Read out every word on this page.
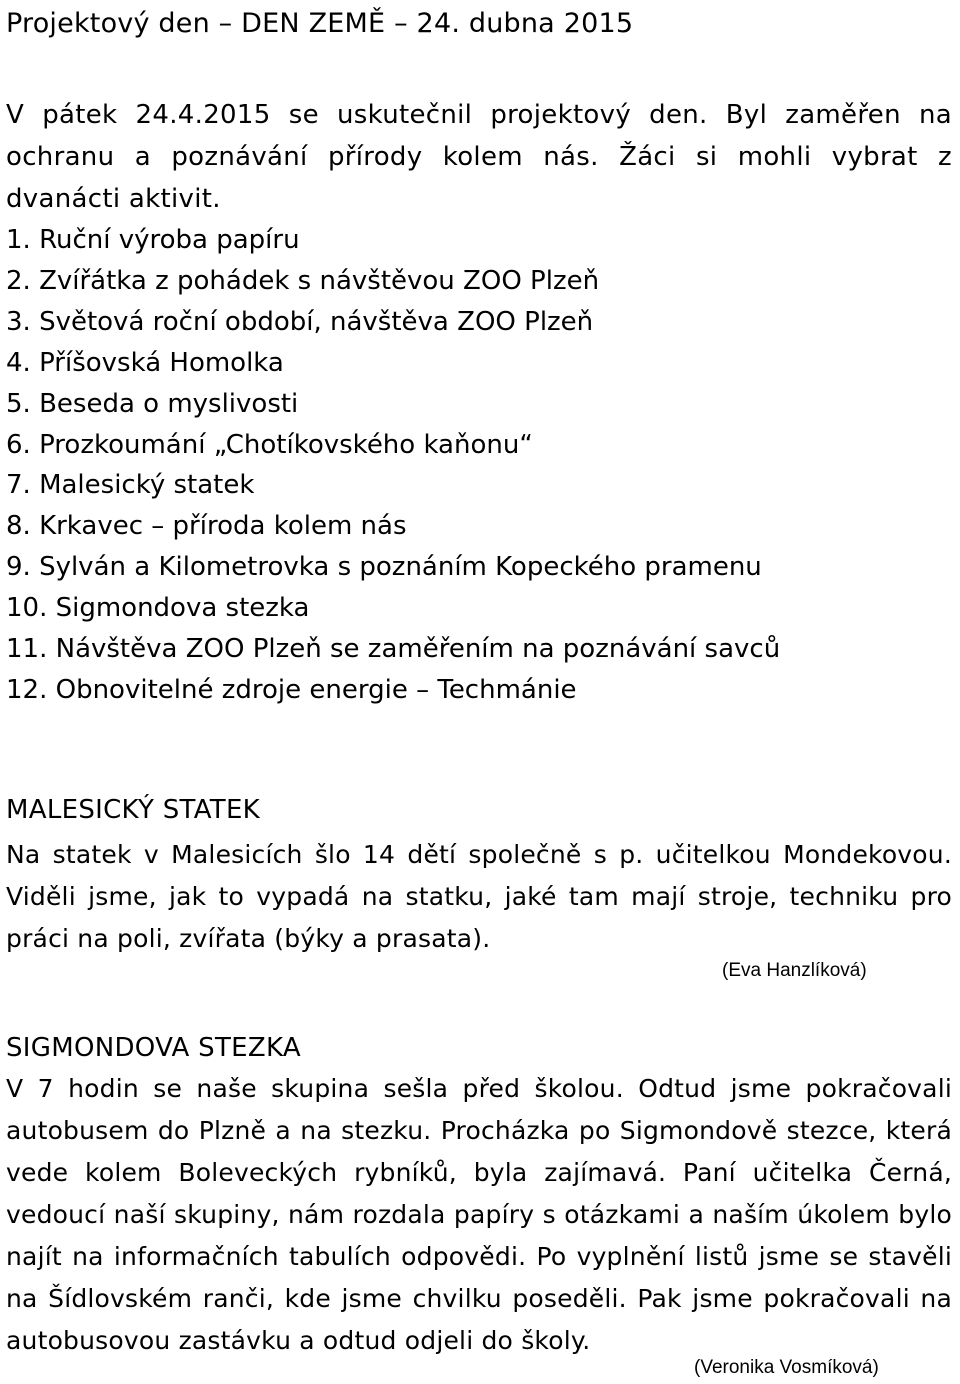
Projektový den – DEN ZEMĚ – 24. dubna 2015

V pátek 24.4.2015 se uskutečnil projektový den. Byl zaměřen na ochranu a poznávání přírody kolem nás. Žáci si mohli vybrat z dvanácti aktivit.

1. Ruční výroba papíru
2. Zvířátka z pohádek s návštěvou ZOO Plzeň
3. Světová roční období, návštěva ZOO Plzeň
4. Příšovská Homolka
5. Beseda o myslivosti
6. Prozkoumání „Chotíkovského kaňonu“
7. Malesický statek
8. Krkavec – příroda kolem nás
9. Sylván a Kilometrovka s poznáním Kopeckého pramenu
10. Sigmondova stezka
11. Návštěva ZOO Plzeň se zaměřením na poznávání savců
12. Obnovitelné zdroje energie – Techmánie
MALESICKÝ STATEK

Na statek v Malesicích šlo 14 dětí společně s p. učitelkou Mondekovou. Viděli jsme, jak to vypadá na statku, jaké tam mají stroje, techniku pro práci na poli, zvířata (býky a prasata).

(Eva Hanzlíková)

SIGMONDOVA STEZKA

V 7 hodin se naše skupina sešla před školou. Odtud jsme pokračovali autobusem do Plzně a na stezku. Procházka po Sigmondově stezce, která vede kolem Boleveckých rybníků, byla zajímavá. Paní učitelka Černá, vedoucí naší skupiny, nám rozdala papíry s otázkami a naším úkolem bylo najít na informačních tabulích odpovědi. Po vyplnění listů jsme se stavěli na Šídlovském ranči, kde jsme chvilku poseděli. Pak jsme pokračovali na autobusovou zastávku a odtud odjeli do školy.

(Veronika Vosmíková)
